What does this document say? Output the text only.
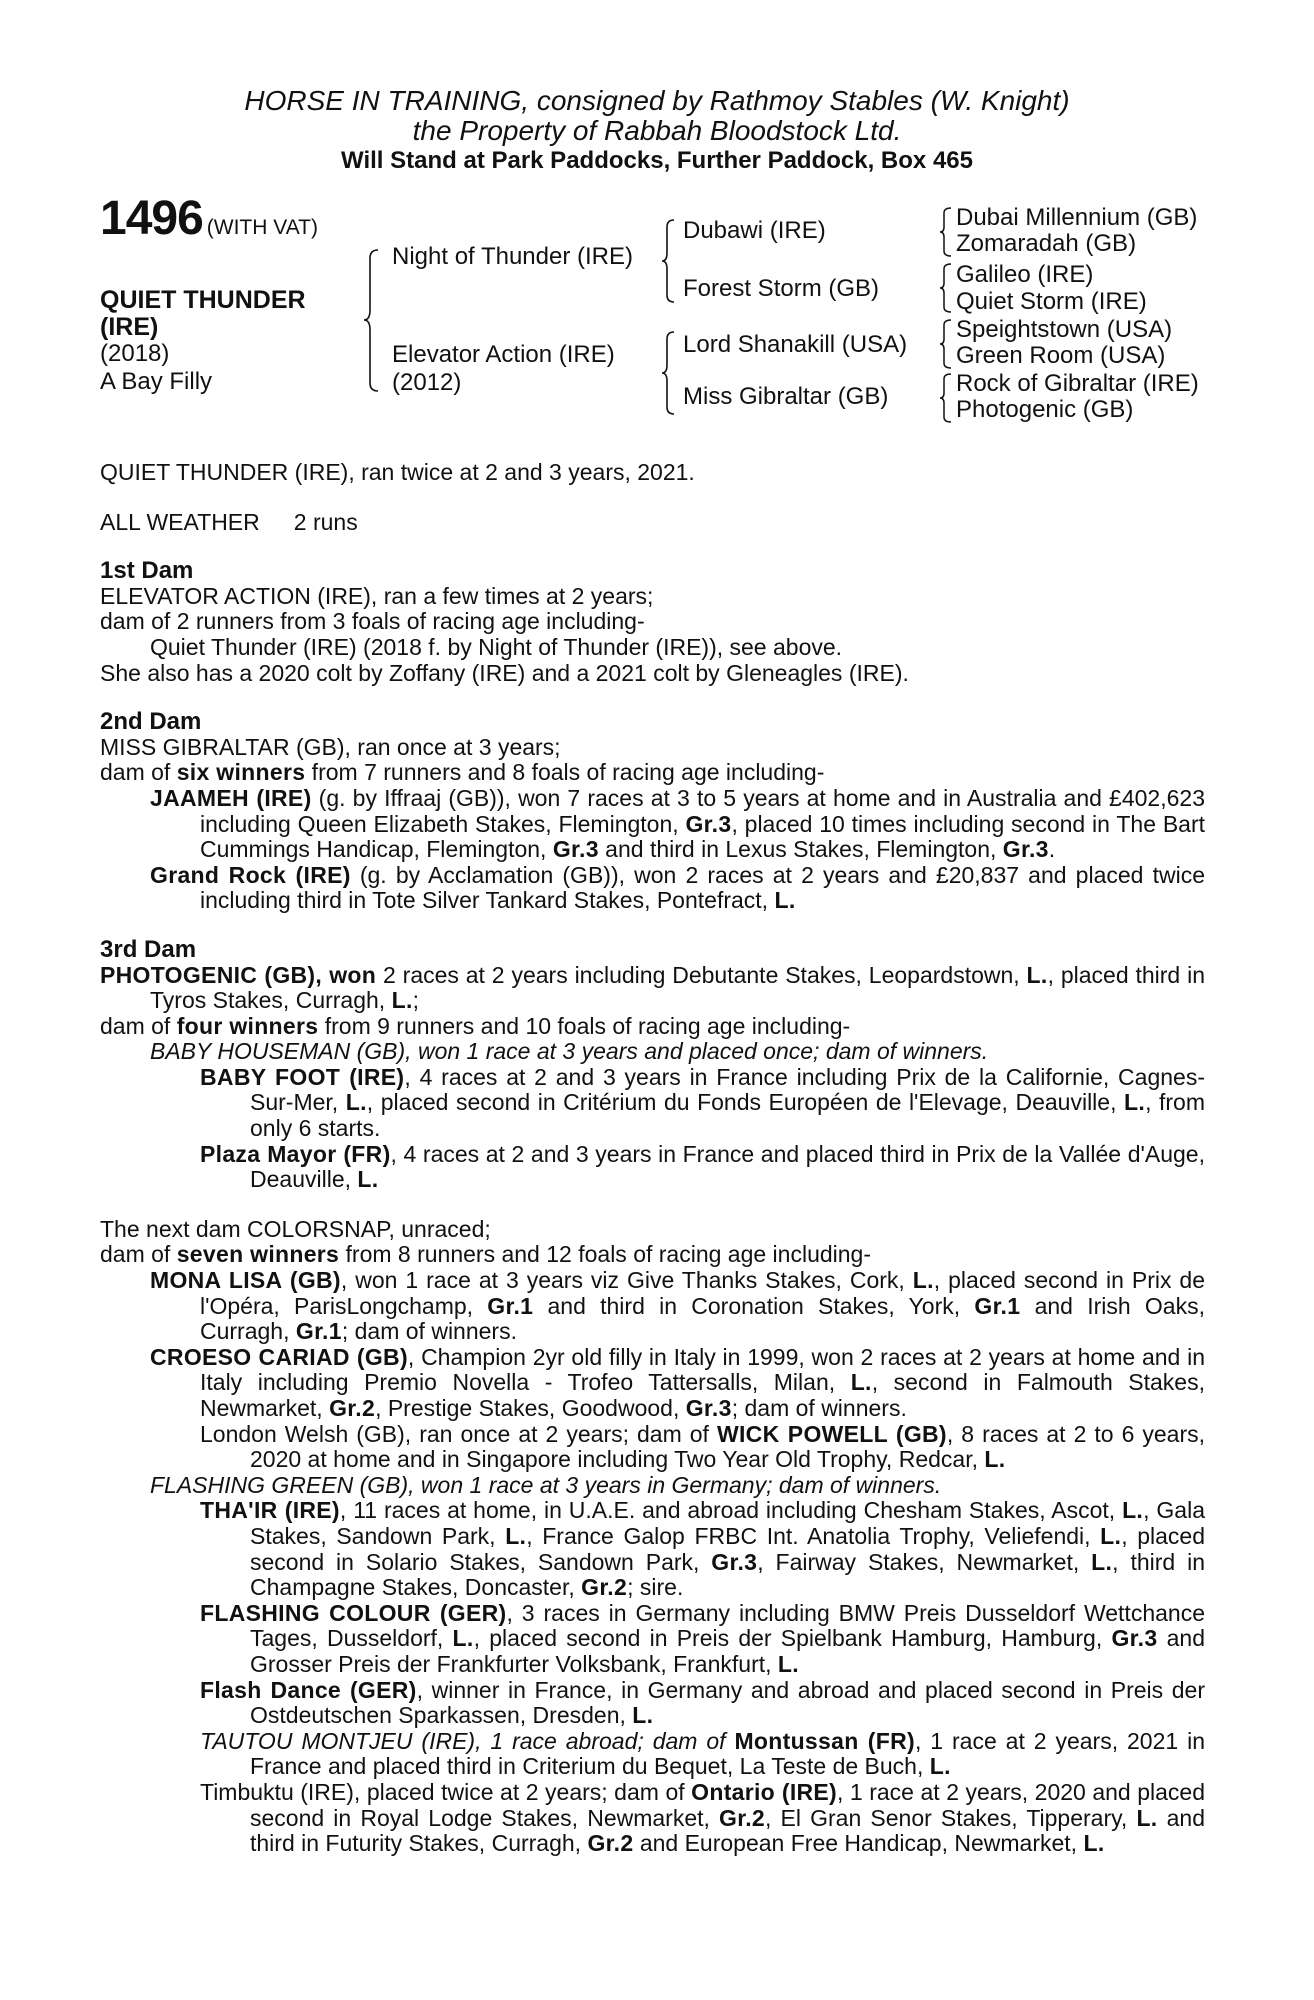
HORSE IN TRAINING, consigned by Rathmoy Stables (W. Knight)
the Property of Rabbah Bloodstock Ltd.
Will Stand at Park Paddocks, Further Paddock, Box 465
1496 (WITH VAT)
QUIET THUNDER (IRE)
(2018)
A Bay Filly
Night of Thunder (IRE)
Elevator Action (IRE)
(2012)
Dubawi (IRE)
Forest Storm (GB)
Lord Shanakill (USA)
Miss Gibraltar (GB)
Dubai Millennium (GB)
Zomaradah (GB)
Galileo (IRE)
Quiet Storm (IRE)
Speightstown (USA)
Green Room (USA)
Rock of Gibraltar (IRE)
Photogenic (GB)
QUIET THUNDER (IRE), ran twice at 2 and 3 years, 2021.
ALL WEATHER 2 runs
1st Dam
ELEVATOR ACTION (IRE), ran a few times at 2 years;
dam of 2 runners from 3 foals of racing age including-
Quiet Thunder (IRE) (2018 f. by Night of Thunder (IRE)), see above.
She also has a 2020 colt by Zoffany (IRE) and a 2021 colt by Gleneagles (IRE).
2nd Dam
MISS GIBRALTAR (GB), ran once at 3 years;
dam of six winners from 7 runners and 8 foals of racing age including-
JAAMEH (IRE) (g. by Iffraaj (GB)), won 7 races at 3 to 5 years at home and in Australia and £402,623 including Queen Elizabeth Stakes, Flemington, Gr.3, placed 10 times including second in The Bart Cummings Handicap, Flemington, Gr.3 and third in Lexus Stakes, Flemington, Gr.3.
Grand Rock (IRE) (g. by Acclamation (GB)), won 2 races at 2 years and £20,837 and placed twice including third in Tote Silver Tankard Stakes, Pontefract, L.
3rd Dam
PHOTOGENIC (GB), won 2 races at 2 years including Debutante Stakes, Leopardstown, L., placed third in Tyros Stakes, Curragh, L.;
dam of four winners from 9 runners and 10 foals of racing age including-
BABY HOUSEMAN (GB), won 1 race at 3 years and placed once; dam of winners.
BABY FOOT (IRE), 4 races at 2 and 3 years in France including Prix de la Californie, Cagnes-Sur-Mer, L., placed second in Critérium du Fonds Européen de l'Elevage, Deauville, L., from only 6 starts.
Plaza Mayor (FR), 4 races at 2 and 3 years in France and placed third in Prix de la Vallée d'Auge, Deauville, L.
The next dam COLORSNAP, unraced;
dam of seven winners from 8 runners and 12 foals of racing age including-
MONA LISA (GB), won 1 race at 3 years viz Give Thanks Stakes, Cork, L., placed second in Prix de l'Opéra, ParisLongchamp, Gr.1 and third in Coronation Stakes, York, Gr.1 and Irish Oaks, Curragh, Gr.1; dam of winners.
CROESO CARIAD (GB), Champion 2yr old filly in Italy in 1999, won 2 races at 2 years at home and in Italy including Premio Novella - Trofeo Tattersalls, Milan, L., second in Falmouth Stakes, Newmarket, Gr.2, Prestige Stakes, Goodwood, Gr.3; dam of winners.
London Welsh (GB), ran once at 2 years; dam of WICK POWELL (GB), 8 races at 2 to 6 years, 2020 at home and in Singapore including Two Year Old Trophy, Redcar, L.
FLASHING GREEN (GB), won 1 race at 3 years in Germany; dam of winners.
THA'IR (IRE), 11 races at home, in U.A.E. and abroad including Chesham Stakes, Ascot, L., Gala Stakes, Sandown Park, L., France Galop FRBC Int. Anatolia Trophy, Veliefendi, L., placed second in Solario Stakes, Sandown Park, Gr.3, Fairway Stakes, Newmarket, L., third in Champagne Stakes, Doncaster, Gr.2; sire.
FLASHING COLOUR (GER), 3 races in Germany including BMW Preis Dusseldorf Wettchance Tages, Dusseldorf, L., placed second in Preis der Spielbank Hamburg, Hamburg, Gr.3 and Grosser Preis der Frankfurter Volksbank, Frankfurt, L.
Flash Dance (GER), winner in France, in Germany and abroad and placed second in Preis der Ostdeutschen Sparkassen, Dresden, L.
TAUTOU MONTJEU (IRE), 1 race abroad; dam of Montussan (FR), 1 race at 2 years, 2021 in France and placed third in Criterium du Bequet, La Teste de Buch, L.
Timbuktu (IRE), placed twice at 2 years; dam of Ontario (IRE), 1 race at 2 years, 2020 and placed second in Royal Lodge Stakes, Newmarket, Gr.2, El Gran Senor Stakes, Tipperary, L. and third in Futurity Stakes, Curragh, Gr.2 and European Free Handicap, Newmarket, L.
